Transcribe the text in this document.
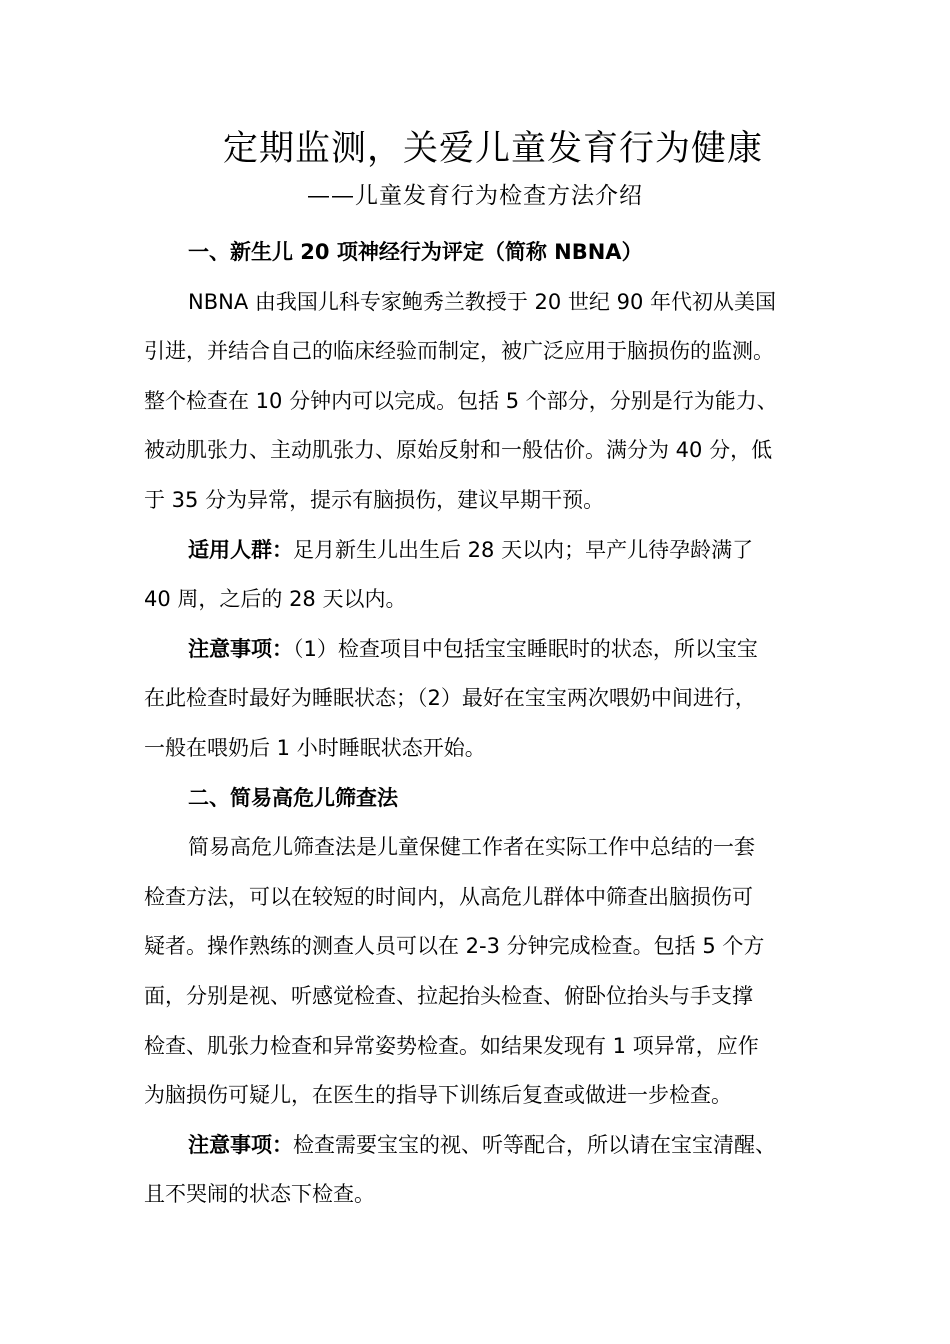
定期监测，关爱儿童发育行为健康
——儿童发育行为检查方法介绍

一、新生儿 20 项神经行为评定（简称 NBNA）

NBNA 由我国儿科专家鲍秀兰教授于 20 世纪 90 年代初从美国
引进，并结合自己的临床经验而制定，被广泛应用于脑损伤的监测。
整个检查在 10 分钟内可以完成。包括 5 个部分，分别是行为能力、
被动肌张力、主动肌张力、原始反射和一般估价。满分为 40 分，低
于 35 分为异常，提示有脑损伤，建议早期干预。

适用人群：足月新生儿出生后 28 天以内；早产儿待孕龄满了
40 周，之后的 28 天以内。

注意事项：（1）检查项目中包括宝宝睡眠时的状态，所以宝宝
在此检查时最好为睡眠状态；（2）最好在宝宝两次喂奶中间进行，
一般在喂奶后 1 小时睡眠状态开始。

二、简易高危儿筛查法

简易高危儿筛查法是儿童保健工作者在实际工作中总结的一套
检查方法，可以在较短的时间内，从高危儿群体中筛查出脑损伤可
疑者。操作熟练的测查人员可以在 2-3 分钟完成检查。包括 5 个方
面，分别是视、听感觉检查、拉起抬头检查、俯卧位抬头与手支撑
检查、肌张力检查和异常姿势检查。如结果发现有 1 项异常，应作
为脑损伤可疑儿，在医生的指导下训练后复查或做进一步检查。

注意事项：检查需要宝宝的视、听等配合，所以请在宝宝清醒、
且不哭闹的状态下检查。
